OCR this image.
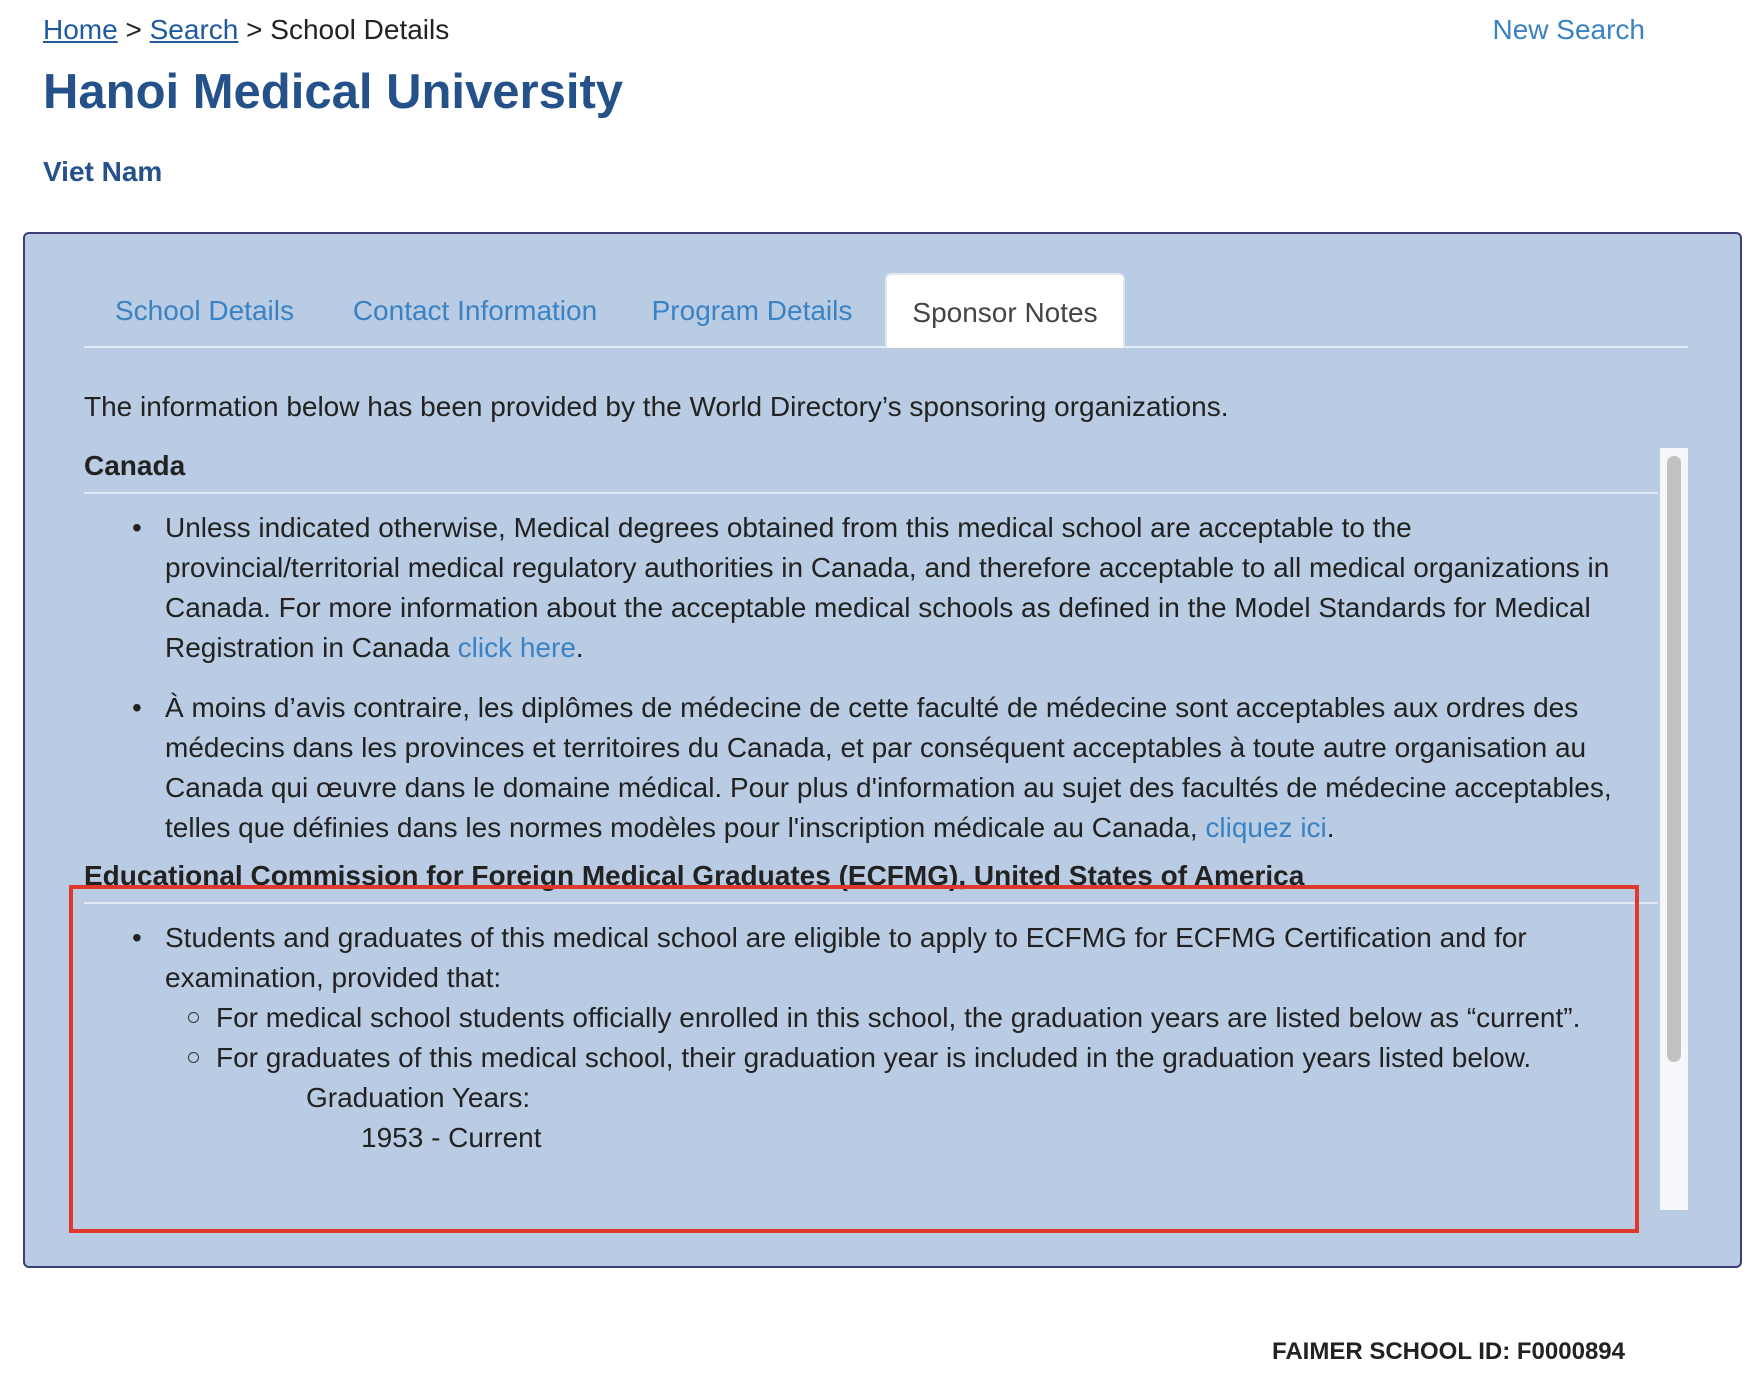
Home > Search > School Details	New Search
Hanoi Medical University
Viet Nam
School Details	Contact Information	Program Details	Sponsor Notes
The information below has been provided by the World Directory’s sponsoring organizations.
Canada
• Unless indicated otherwise, Medical degrees obtained from this medical school are acceptable to the provincial/territorial medical regulatory authorities in Canada, and therefore acceptable to all medical organizations in Canada. For more information about the acceptable medical schools as defined in the Model Standards for Medical Registration in Canada click here.
• À moins d’avis contraire, les diplômes de médecine de cette faculté de médecine sont acceptables aux ordres des médecins dans les provinces et territoires du Canada, et par conséquent acceptables à toute autre organisation au Canada qui œuvre dans le domaine médical. Pour plus d'information au sujet des facultés de médecine acceptables, telles que définies dans les normes modèles pour l'inscription médicale au Canada, cliquez ici.
Educational Commission for Foreign Medical Graduates (ECFMG), United States of America
• Students and graduates of this medical school are eligible to apply to ECFMG for ECFMG Certification and for examination, provided that:
For medical school students officially enrolled in this school, the graduation years are listed below as “current”.
For graduates of this medical school, their graduation year is included in the graduation years listed below.
Graduation Years:
1953 - Current
FAIMER SCHOOL ID: F0000894
